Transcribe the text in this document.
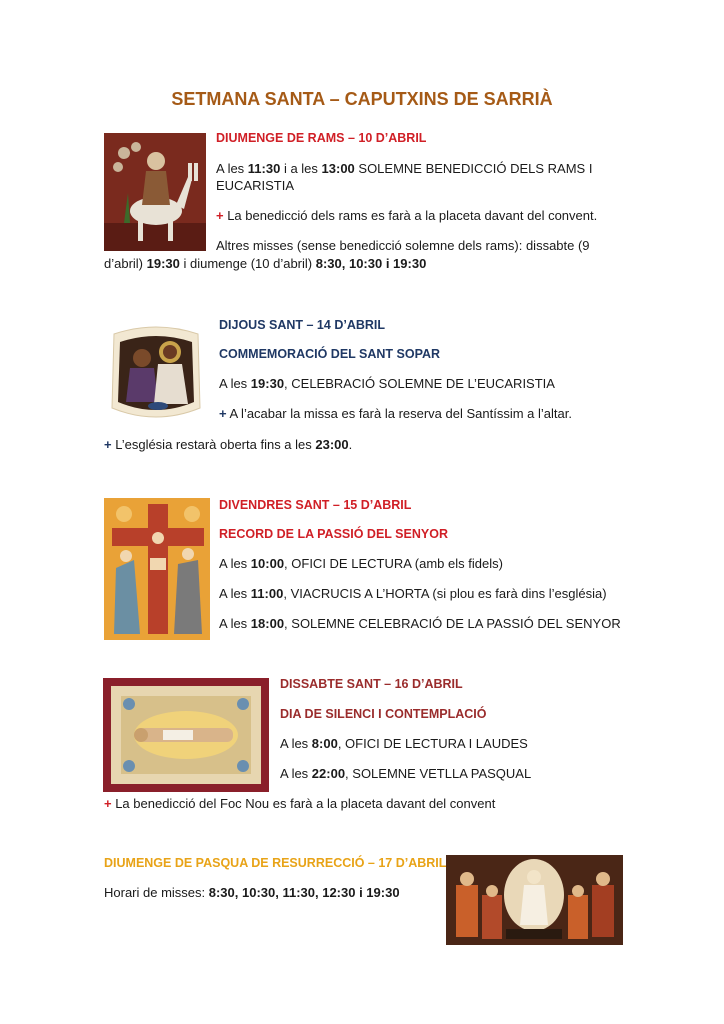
SETMANA SANTA – CAPUTXINS DE SARRIÀ
DIUMENGE DE RAMS – 10 D’ABRIL
A les 11:30 i a les 13:00 SOLEMNE BENEDICCIÓ DELS RAMS I
EUCARISTIA
+ La benedicció dels rams es farà a la placeta davant del convent.
Altres misses (sense benedicció solemne dels rams): dissabte (9
d’abril) 19:30 i diumenge (10 d’abril) 8:30, 10:30 i 19:30
DIJOUS SANT – 14 D’ABRIL
COMMEMORACIÓ DEL SANT SOPAR
A les 19:30, CELEBRACIÓ SOLEMNE DE L’EUCARISTIA
+ A l’acabar la missa es farà la reserva del Santíssim a l’altar.
+ L’església restarà oberta fins a les 23:00.
DIVENDRES SANT – 15 D’ABRIL
RECORD DE LA PASSIÓ DEL SENYOR
A les 10:00, OFICI DE LECTURA (amb els fidels)
A les 11:00, VIACRUCIS A L’HORTA (si plou es farà dins l’església)
A les 18:00, SOLEMNE CELEBRACIÓ DE LA PASSIÓ DEL SENYOR
DISSABTE SANT – 16 D’ABRIL
DIA DE SILENCI I CONTEMPLACIÓ
A les 8:00, OFICI DE LECTURA I LAUDES
A les 22:00, SOLEMNE VETLLA PASQUAL
+ La benedicció del Foc Nou es farà a la placeta davant del convent
DIUMENGE DE PASQUA DE RESURRECCIÓ – 17 D’ABRIL
Horari de misses: 8:30, 10:30, 11:30, 12:30 i 19:30
